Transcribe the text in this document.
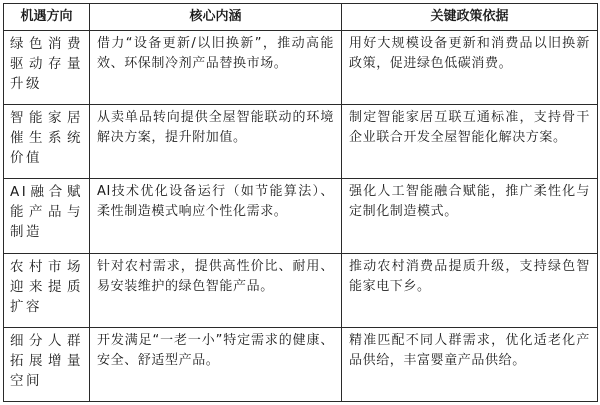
机遇方向	核心内涵	关键政策依据
绿色消费驱动存量升级	借力“设备更新/以旧换新”，推动高能效、环保制冷剂产品替换市场。	用好大规模设备更新和消费品以旧换新政策，促进绿色低碳消费。
智能家居催生系统价值	从卖单品转向提供全屋智能联动的环境解决方案，提升附加值。	制定智能家居互联互通标准，支持骨干企业联合开发全屋智能化解决方案。
AI融合赋能产品与制造	AI技术优化设备运行（如节能算法）、柔性制造模式响应个性化需求。	强化人工智能融合赋能，推广柔性化与定制化制造模式。
农村市场迎来提质扩容	针对农村需求，提供高性价比、耐用、易安装维护的绿色智能产品。	推动农村消费品提质升级，支持绿色智能家电下乡。
细分人群拓展增量空间	开发满足“一老一小”特定需求的健康、安全、舒适型产品。	精准匹配不同人群需求，优化适老化产品供给，丰富婴童产品供给。
